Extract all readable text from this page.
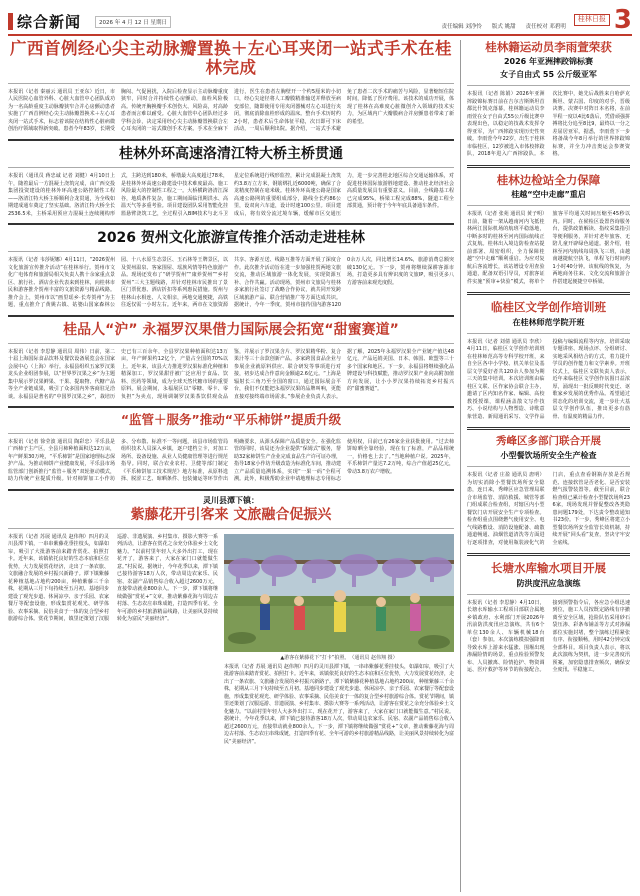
综合新闻	2026 年 4 月 12 日 星期日
责任编辑 刘净怜 版式 姚甜 责任校对 邓碧明
桂林日报 3
广西首例经心尖主动脉瓣置换＋左心耳夹闭一站式手术在桂林完成
本报讯（记者 秦丽云 通讯员 王亚东）近日，市人民医院心血管外科、心脏大血管中心团队成功为一名高龄重度主动脉瓣狭窄合并心房颤动患者实施了广西首例经心尖主动脉瓣置换术＋左心耳夹闭一站式手术，标志着该院在结构性心脏病微创治疗领域取得新突破。患者今年83岁，长期受胸闷、气促困扰，入院后检查显示主动脉瓣重度狭窄，同时合并持续性心房颤动，血栓风险极高。传统开胸换瓣手术创伤大、风险高，对高龄患者而言难以耐受。心脏大血管中心团队经过多学科会诊，决定采用经心尖主动脉瓣置换联合左心耳夹闭的一站式微创手术方案。手术在全麻下进行，医生在患者左胸壁开一个约5厘米的小切口，经心尖途径将人工瓣膜精准输送并释放至病变部位，随即使用专用夹闭器械对左心耳进行夹闭，彻底消除血栓形成的温床。整台手术历时约2小时，患者术后生命体征平稳，次日即可下床活动，一周后顺利出院。据介绍，一站式手术避免了患者二次手术的痛苦与风险，显著缩短住院时间，降低了医疗费用。该技术的成功开展，体现了桂林在高难度心脏微创介入领域的技术实力，为区域内广大瓣膜病合并房颤患者带来了新的希望。
桂林外环高速洛清江特大桥主桥贯通
本报讯（通讯员 蒋忠诚 记者 刘健）4月10日上午，随着最后一方混凝土浇筑完成，由广西交投集团投资建设的桂林外环高速公路控制性工程——洛清江特大桥主桥顺利合龙贯通，为全线如期建成通车奠定了坚实基础。洛清江特大桥全长2536.5米，主桥采用预应力混凝土连续刚构形式，主跨达到180米，桥墩最大高度超过78米，是桂林外环高速公路建设中技术难度最高、施工风险最大的控制性工程之一。大桥横跨洛清江深谷，地质条件复杂，施工期间面临汛期洪水、高温天气等多重考验。项目建设团队采用智能化挂篮悬臂浇筑工艺，全过程引入BIM技术与北斗卫星定位系统进行线形监控，累计完成混凝土浇筑约3.8万立方米，钢筋绑扎近6000吨，确保了合龙精度控制在毫米级。桂林外环高速公路是国家高速公路网的重要组成部分，路线全长约86公里，设双向六车道，设计时速100公里。项目建成后，将有效分流过境车辆，缓解市区交通压力，进一步完善桂北地区综合交通运输体系，对促进桂林国际旅游胜地建设、推动桂北经济社会高质量发展具有重要意义。目前，全线路基工程已完成95%，桥梁工程完成88%，隧道工程全部贯通，预计将于今年年底具备通车条件。
2026 贺州文化旅游宣传推介活动走进桂林
本报讯（记者 韦莎妮娜）4月11日，“2026贺州文化旅游宣传推介活动”在桂林举行。贺州市文化广电体育和旅游局相关负责人携十余家重点景区、旅行社、酒店企业代表来到桂林，向桂林市民和游客推介贺州丰富的文旅资源与精品线路。推介会上，贺州市以“画里瑶乡·长寿贺州”为主题，重点推介了黄姚古镇、姑婆山国家森林公园、十八水原生态景区、玉石林等王牌景区，以及贺州温泉、客家围屋、瑶族风情等特色旅游产品。现场还发布了“研学贺州”“康养贺州”“乡村贺州”三大主题线路，并针对桂林市民推出了景区门票优惠、酒店折扣等系列惠民措施。贺州与桂林山水相连、人文相亲，两地交通便捷，高铁往返仅需一小时左右。近年来，两市在文旅资源共享、客源互送、线路互推等方面开展了深度合作。此次推介活动旨在进一步加强桂贺两地文旅交流，推动区域旅游一体化发展，实现资源互补、合作共赢。活动现场，贺州市文旅局与桂林多家旅行社签订了战略合作协议，就共同开发跨区域旅游产品、联合营销推广等方面达成共识。据统计，今年一季度，贺州市接待国内游客1200余万人次，同比增长14.6%，旅游消费总额突破130亿元。下一步，贺州将继续深耕客源市场，打造更多具有辨识度的文旅IP，吸引更多八方游客前来观光度假。
桂品人“沪” 永福罗汉果借力国际展会拓宽“甜蜜赛道”
本报讯（记者 李思静 通讯员 周伟）日前，第二十届上海国际食品饮料及餐饮设备展览会在国家会展中心（上海）举行。永福县组织五家罗汉果龙头企业组团参展，以“世界罗汉果之乡”为主题集中展示罗汉果鲜果、干果、提取物、代糖产品等全产业链成果，吸引了众多国内外客商驻足洽谈。永福县是著名的“中国罗汉果之乡”，栽培历史已有三百余年，全县罗汉果种植面积达13万亩，年产鲜果约12亿个，产量占全国的70%以上。近年来，该县大力推进罗汉果标准化种植和精深加工，罗汉果甜苷被广泛应用于食品、饮料、医药等领域，成为全球天然代糖市场的重要原料。展会期间，永福展区以“零糖、零卡、零负担”为卖点，现场调制罗汉果茶饮供观众品鉴，并展示了罗汉果含片、罗汉果精华粉、复合果汁等三十余款创新产品。多家跨国食品企业与参展企业就原料供应、联合研发等事项进行对接，初步达成合作意向金额逾2.6亿元。“上海是辐射长三角乃至全国的窗口，通过国际展会平台，我们不仅能把永福罗汉果的品牌叫响，更能直接对接终端市场需求。”参展企业负责人表示。据了解，2025年永福罗汉果全产业链产值达48亿元，产品远销美国、日本、韩国、欧盟等三十多个国家和地区。下一步，永福县将继续强化品牌建设与科技赋能，推动罗汉果产业向高附加值方向发展，让小小罗汉果持续拓宽乡村振兴的“甜蜜赛道”。
“监管＋服务”推动“平乐柿饼”提质升级
本报讯（记者 徐莹波 通讯员 陶彩忠）平乐县是广西柿子主产区，全县月柿种植面积达12万亩，年产鲜果30万吨，“平乐柿饼”是国家地理标志保护产品。为推动柿饼产业健康发展，平乐县市场监管部门创新推行“监管＋服务”双轮驱动模式，助力传统产业提质升级。针对柿饼加工小作坊多、分布散、标准不一等问题，该县市场监管局组织技术人员深入乡镇，逐户建档立卡，对加工场所、设备设施、从业人员健康管理等进行规范指导。同时，联合农业农村、卫健等部门制定《平乐柿饼加工技术规范》地方标准，从原料选择、脱涩工艺、晾晒条件、包装储运等环节作出明确要求，从源头保障产品质量安全。在强化监管的同时，该局还为企业提供“保姆式”服务，帮助32家柿饼生产企业完成食品生产许可证办理，指导18家小作坊升级改造为标准化车间，推动建立产品质量追溯体系，实现“一果一码”全程可溯。此外，积极帮助企业申请地理标志专用标志使用权，目前已有26家企业获批使用。“过去柿饼晾晒全靠经验，现在有了标准，产品品相统一，价格也上去了。”当地种植户说。2025年，平乐柿饼产量达7.2万吨，综合产值超25亿元，带动3.8万农户增收。
灵川县潭下镇：
紫藤花开引客来 文旅融合促振兴
本报讯（记者 苏展 通讯员 赵伟翔）四月的灵川县潭下镇，一串串紫藤花垂挂枝头，如瀑如帘，吸引了大批游客前来踏青赏花、拍照打卡。近年来，该镇依托良好的生态本底和区位优势，大力发展赏花经济，走出了一条农旅、文旅融合发展的乡村振兴新路子。潭下镇紫藤花种植基地占地约200亩，种植紫藤三千余株，花期从三月下旬持续至五月初。基地同步建设了观光步道、休闲凉亭、亲子乐园、农家餐厅等配套设施，形成集赏花观光、研学体验、农事采摘、民俗美食于一体的复合型乡村旅游综合体。赏花节期间，镇里还策划了汉服巡游、非遗展演、乡村集市、摄影大赛等一系列活动，让游客在赏花之余充分体验乡土文化魅力。“以前村里年轻人大多外出打工，现在花开了，游客来了，大家在家门口就能做生意。”村民说。据统计，今年花季以来，潭下镇已接待游客18万人次，带动周边农家乐、民宿、农副产品销售综合收入超过2600万元，直接带动就业800余人。下一步，潭下镇将继续做强“赏花+”文章，推动紫藤花海与周边古村落、生态农庄串珠成链，打造四季有花、全年可游的乡村旅游精品线路，让美丽风景持续转化为富民“美丽经济”。
▲游客在紫藤花下“打卡”拍照。　（通讯员 赵伟翔 摄）
本报讯（记者 苏展 通讯员 赵伟翔）四月的灵川县潭下镇，一串串紫藤花垂挂枝头，如瀑如帘，吸引了大批游客前来踏青赏花、拍照打卡。近年来，该镇依托良好的生态本底和区位优势，大力发展赏花经济，走出了一条农旅、文旅融合发展的乡村振兴新路子。潭下镇紫藤花种植基地占地约200亩，种植紫藤三千余株，花期从三月下旬持续至五月初。基地同步建设了观光步道、休闲凉亭、亲子乐园、农家餐厅等配套设施，形成集赏花观光、研学体验、农事采摘、民俗美食于一体的复合型乡村旅游综合体。赏花节期间，镇里还策划了汉服巡游、非遗展演、乡村集市、摄影大赛等一系列活动，让游客在赏花之余充分体验乡土文化魅力。“以前村里年轻人大多外出打工，现在花开了，游客来了，大家在家门口就能做生意。”村民说。据统计，今年花季以来，潭下镇已接待游客18万人次，带动周边农家乐、民宿、农副产品销售综合收入超过2600万元，直接带动就业800余人。下一步，潭下镇将继续做强“赏花+”文章，推动紫藤花海与周边古村落、生态农庄串珠成链，打造四季有花、全年可游的乡村旅游精品线路，让美丽风景持续转化为富民“美丽经济”。
桂林籍运动员李雨萱荣获
2026 年亚洲摔跤锦标赛
女子自由式 55 公斤级亚军
本报讯（记者 陈娟）2026年亚洲摔跤锦标赛日前在吉尔吉斯斯坦首都比什凯克落幕，桂林籍运动员李雨萱在女子自由式55公斤级比赛中表现出色，以稳定的技战术发挥夺得亚军，为广西摔跤实现历史性突破。李雨萱今年22岁，出生于桂林市临桂区，12岁被选入市体校摔跤队，2018年进入广西摔跤队。本次比赛中，她先后战胜来自哈萨克斯坦、蒙古国、印度的对手，晋级决赛。决赛中对阵日本名将，在前半程一度以4比6落后，凭借顽强拼搏将比分追至8比9，最终以一分之差屈居亚军。据悉，李雨萱下一步将备战今年8月举行的世界摔跤锦标赛，并全力冲击奥运会参赛资格。
桂林边检站全力保障
桂越“空中走廊”重启
本报讯（记者 张苑 通讯员 黄子明）日前，随着一架从越南河内飞抵桂林两江国际机场的航班平稳落地，中断多时的桂林至河内国际航线正式复航。桂林出入境边防检查站提前部署、周密组织，全力保障桂越“空中走廊”顺利重启。为应对复航后客流增长，该站增设专用查验通道，配备双语引导员，对旅客证件实施“预审+快验”模式，将单个旅客平均通关时间压缩至45秒以内。同时，在候检区设置咨询服务台，提供政策解读、指纹采集指引等便利服务，并针对老年旅客、无陪儿童开辟绿色通道。据介绍，桂林至河内航线每周执飞三班，由越南越捷航空执飞，单程飞行时间约1小时40分钟。该航线的恢复，为两地商务往来、文化交流和旅游合作搭建起便捷空中桥梁。
临桂区文学创作培训班
在桂林师范学院开班
本报讯（记者 刘倩 通讯员 李欣）4月11日，临桂区文学创作培训班在桂林师范高等专科学校开班，来自全区各中小学校、机关单位及基层文学爱好者共120余人参加为期三天的集中培训。本次培训班由临桂区文联、区作家协会联合主办，邀请了区内知名作家、编辑、高校教授授课，课程涵盖散文写作技巧、小说结构与人物塑造、诗歌意象营造、新闻通讯采写、文学作品投稿与编辑流程等内容。培训采取专题讲座、现场点评、分组研讨、实地采风相结合的方式，着力提升学员的创作能力和文学素养。开班仪式上，临桂区文联负责人表示，近年来临桂区文学创作氛围日益浓厚，涌现出一批反映时代变迁、讴歌家乡发展的优秀作品。希望通过常态化的培训交流，进一步壮大基层文学创作队伍，推出更多有筋骨、有温度的精品力作。
秀峰区多部门联合开展
小型餐饮场所安全生产检查
本报讯（记者 庄盈 通讯员 唐明）为切实消除小型餐饮场所安全隐患，连日来，秀峰区应急管理局联合市场监管、消防救援、城管等部门组成联合检查组，对辖区内小型餐饮门店开展安全生产专项检查。检查组重点围绕燃气使用安全、电气线路敷设、消防设施配备、疏散通道畅通、油烟管道清洗等方面进行逐项排查，对使用瓶装液化气的门店，重点查看钢瓶存放是否规范、连接软管是否老化、是否安装燃气报警装置等。截至目前，联合检查组已累计检查小型餐饮场所236家，现场发现并督促整改各类隐患问题179处，下达责令整改通知书23份。下一步，秀峰区将建立小型餐饮场所安全监管长效机制，持续开展“回头看”复查，坚决守牢安全底线。
长塘水库输水项目开展
防洪度汛应急演练
本报讯（记者 李思静）4月10日，长塘水库输水工程项目部联合属地乡镇政府、水利部门开展2026年汛前防洪度汛应急演练，共有6个单位130余人、车辆机械18台（套）参加。本次演练模拟强降雨导致水库上游来水猛涨、围堰出现渗漏险情的场景，重点检验预警发布、人员撤离、险情抢护、物资调运、医疗救护等环节的衔接配合。接到预警指令后，各应急小组迅速到位，施工人员按既定路线有序撤离至安全区域，抢险队伍采用砂石袋压渗、彩条布铺盖等方式对渗漏部位实施封堵，整个演练过程紧张有序、衔接顺畅，用时42分钟完成全部科目。项目负责人表示，将以此次演练为契机，进一步完善度汛预案，加密隐患排查频次，确保安全度汛、平稳施工。
